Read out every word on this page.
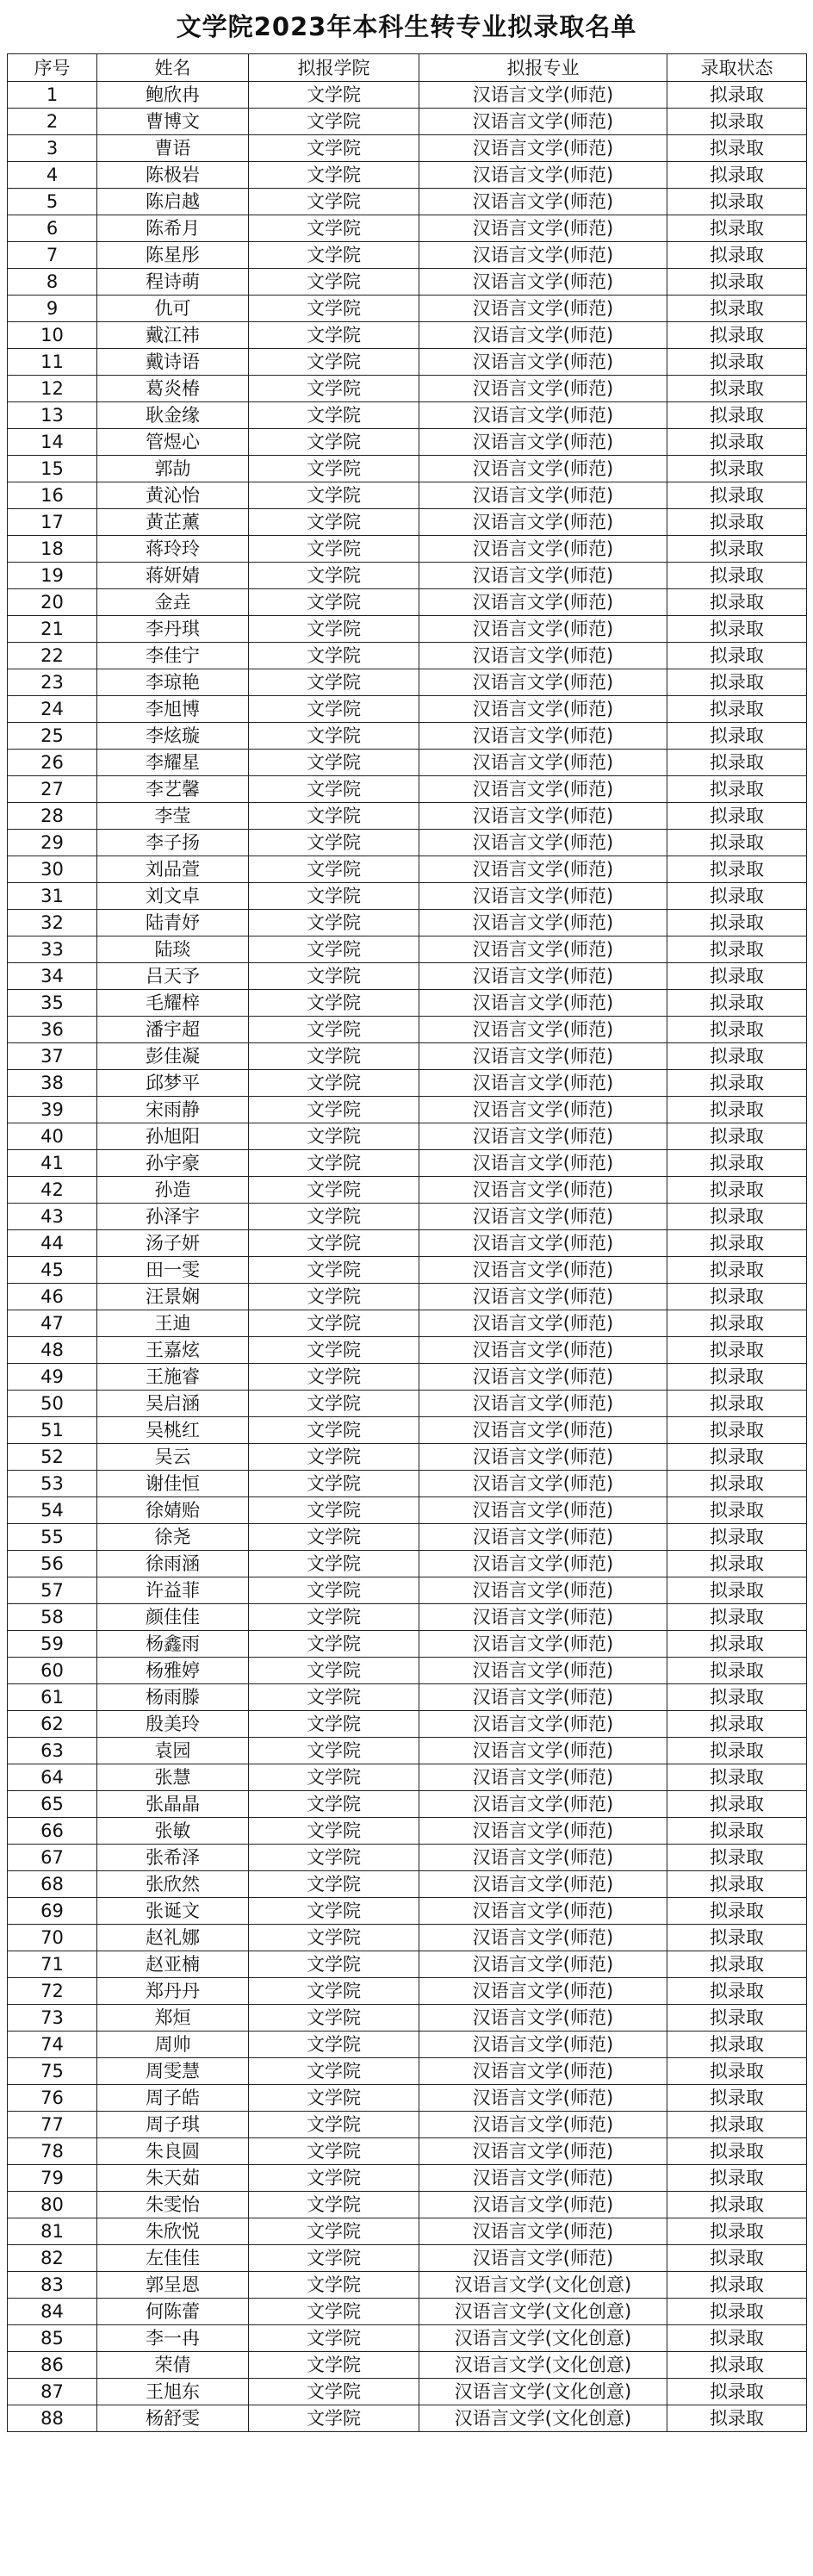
文学院2023年本科生转专业拟录取名单
序号	姓名	拟报学院	拟报专业	录取状态
1	鲍欣冉	文学院	汉语言文学(师范)	拟录取
2	曹博文	文学院	汉语言文学(师范)	拟录取
3	曹语	文学院	汉语言文学(师范)	拟录取
4	陈极岩	文学院	汉语言文学(师范)	拟录取
5	陈启越	文学院	汉语言文学(师范)	拟录取
6	陈希月	文学院	汉语言文学(师范)	拟录取
7	陈星彤	文学院	汉语言文学(师范)	拟录取
8	程诗萌	文学院	汉语言文学(师范)	拟录取
9	仇可	文学院	汉语言文学(师范)	拟录取
10	戴江祎	文学院	汉语言文学(师范)	拟录取
11	戴诗语	文学院	汉语言文学(师范)	拟录取
12	葛炎椿	文学院	汉语言文学(师范)	拟录取
13	耿金缘	文学院	汉语言文学(师范)	拟录取
14	管煜心	文学院	汉语言文学(师范)	拟录取
15	郭劼	文学院	汉语言文学(师范)	拟录取
16	黄沁怡	文学院	汉语言文学(师范)	拟录取
17	黄芷薰	文学院	汉语言文学(师范)	拟录取
18	蒋玲玲	文学院	汉语言文学(师范)	拟录取
19	蒋妍婧	文学院	汉语言文学(师范)	拟录取
20	金垚	文学院	汉语言文学(师范)	拟录取
21	李丹琪	文学院	汉语言文学(师范)	拟录取
22	李佳宁	文学院	汉语言文学(师范)	拟录取
23	李琼艳	文学院	汉语言文学(师范)	拟录取
24	李旭博	文学院	汉语言文学(师范)	拟录取
25	李炫璇	文学院	汉语言文学(师范)	拟录取
26	李耀星	文学院	汉语言文学(师范)	拟录取
27	李艺馨	文学院	汉语言文学(师范)	拟录取
28	李莹	文学院	汉语言文学(师范)	拟录取
29	李子扬	文学院	汉语言文学(师范)	拟录取
30	刘品萱	文学院	汉语言文学(师范)	拟录取
31	刘文卓	文学院	汉语言文学(师范)	拟录取
32	陆青妤	文学院	汉语言文学(师范)	拟录取
33	陆琰	文学院	汉语言文学(师范)	拟录取
34	吕天予	文学院	汉语言文学(师范)	拟录取
35	毛耀梓	文学院	汉语言文学(师范)	拟录取
36	潘宇超	文学院	汉语言文学(师范)	拟录取
37	彭佳凝	文学院	汉语言文学(师范)	拟录取
38	邱梦平	文学院	汉语言文学(师范)	拟录取
39	宋雨静	文学院	汉语言文学(师范)	拟录取
40	孙旭阳	文学院	汉语言文学(师范)	拟录取
41	孙宇豪	文学院	汉语言文学(师范)	拟录取
42	孙造	文学院	汉语言文学(师范)	拟录取
43	孙泽宇	文学院	汉语言文学(师范)	拟录取
44	汤子妍	文学院	汉语言文学(师范)	拟录取
45	田一雯	文学院	汉语言文学(师范)	拟录取
46	汪景娴	文学院	汉语言文学(师范)	拟录取
47	王迪	文学院	汉语言文学(师范)	拟录取
48	王嘉炫	文学院	汉语言文学(师范)	拟录取
49	王施睿	文学院	汉语言文学(师范)	拟录取
50	吴启涵	文学院	汉语言文学(师范)	拟录取
51	吴桃红	文学院	汉语言文学(师范)	拟录取
52	吴云	文学院	汉语言文学(师范)	拟录取
53	谢佳恒	文学院	汉语言文学(师范)	拟录取
54	徐婧贻	文学院	汉语言文学(师范)	拟录取
55	徐尧	文学院	汉语言文学(师范)	拟录取
56	徐雨涵	文学院	汉语言文学(师范)	拟录取
57	许益菲	文学院	汉语言文学(师范)	拟录取
58	颜佳佳	文学院	汉语言文学(师范)	拟录取
59	杨鑫雨	文学院	汉语言文学(师范)	拟录取
60	杨雅婷	文学院	汉语言文学(师范)	拟录取
61	杨雨滕	文学院	汉语言文学(师范)	拟录取
62	殷美玲	文学院	汉语言文学(师范)	拟录取
63	袁园	文学院	汉语言文学(师范)	拟录取
64	张慧	文学院	汉语言文学(师范)	拟录取
65	张晶晶	文学院	汉语言文学(师范)	拟录取
66	张敏	文学院	汉语言文学(师范)	拟录取
67	张希泽	文学院	汉语言文学(师范)	拟录取
68	张欣然	文学院	汉语言文学(师范)	拟录取
69	张诞文	文学院	汉语言文学(师范)	拟录取
70	赵礼娜	文学院	汉语言文学(师范)	拟录取
71	赵亚楠	文学院	汉语言文学(师范)	拟录取
72	郑丹丹	文学院	汉语言文学(师范)	拟录取
73	郑烜	文学院	汉语言文学(师范)	拟录取
74	周帅	文学院	汉语言文学(师范)	拟录取
75	周雯慧	文学院	汉语言文学(师范)	拟录取
76	周子皓	文学院	汉语言文学(师范)	拟录取
77	周子琪	文学院	汉语言文学(师范)	拟录取
78	朱良圆	文学院	汉语言文学(师范)	拟录取
79	朱天茹	文学院	汉语言文学(师范)	拟录取
80	朱雯怡	文学院	汉语言文学(师范)	拟录取
81	朱欣悦	文学院	汉语言文学(师范)	拟录取
82	左佳佳	文学院	汉语言文学(师范)	拟录取
83	郭呈恩	文学院	汉语言文学(文化创意)	拟录取
84	何陈蕾	文学院	汉语言文学(文化创意)	拟录取
85	李一冉	文学院	汉语言文学(文化创意)	拟录取
86	荣倩	文学院	汉语言文学(文化创意)	拟录取
87	王旭东	文学院	汉语言文学(文化创意)	拟录取
88	杨舒雯	文学院	汉语言文学(文化创意)	拟录取
